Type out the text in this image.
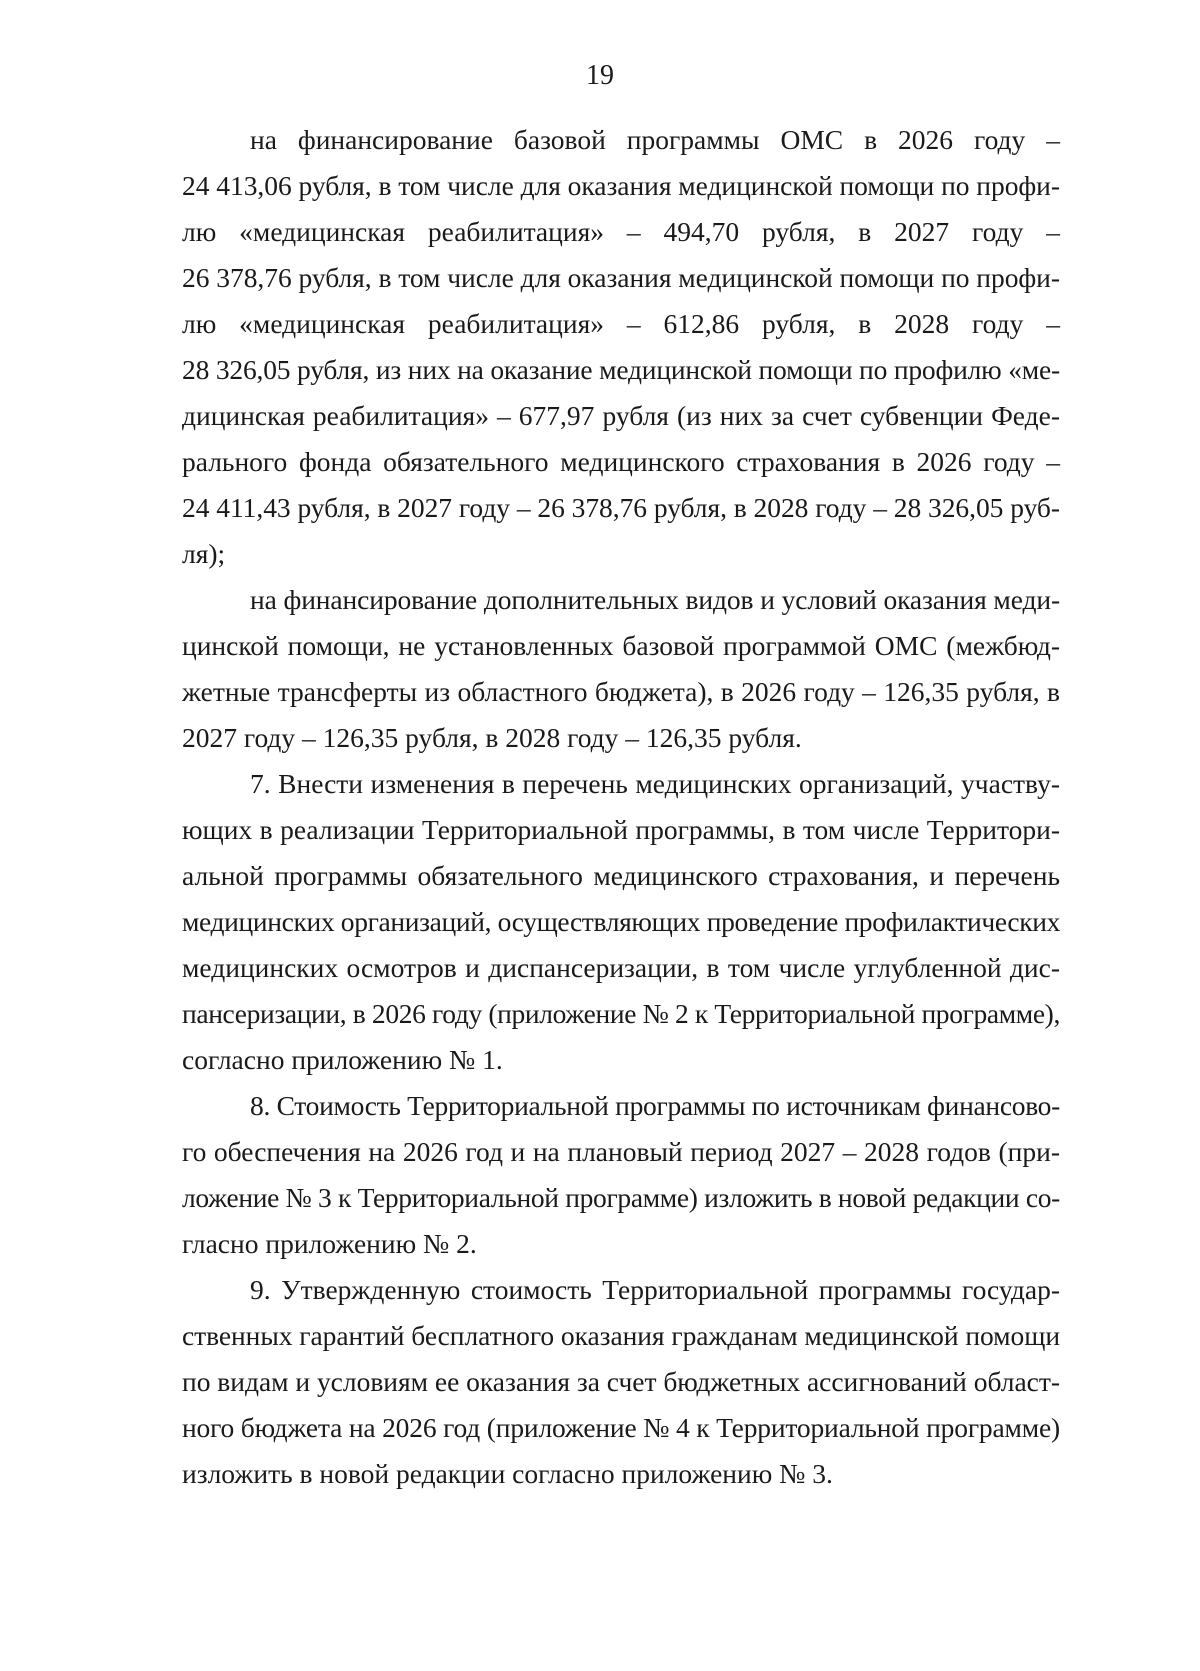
19
на финансирование базовой программы ОМС в 2026 году –
24 413,06 рубля, в том числе для оказания медицинской помощи по профи-
лю «медицинская реабилитация» – 494,70 рубля, в 2027 году –
26 378,76 рубля, в том числе для оказания медицинской помощи по профи-
лю «медицинская реабилитация» – 612,86 рубля, в 2028 году –
28 326,05 рубля, из них на оказание медицинской помощи по профилю «ме-
дицинская реабилитация» – 677,97 рубля (из них за счет субвенции Феде-
рального фонда обязательного медицинского страхования в 2026 году –
24 411,43 рубля, в 2027 году – 26 378,76 рубля, в 2028 году – 28 326,05 руб-
ля);
на финансирование дополнительных видов и условий оказания меди-
цинской помощи, не установленных базовой программой ОМС (межбюд-
жетные трансферты из областного бюджета), в 2026 году – 126,35 рубля, в
2027 году – 126,35 рубля, в 2028 году – 126,35 рубля.
7. Внести изменения в перечень медицинских организаций, участву-
ющих в реализации Территориальной программы, в том числе Территори-
альной программы обязательного медицинского страхования, и перечень
медицинских организаций, осуществляющих проведение профилактических
медицинских осмотров и диспансеризации, в том числе углубленной дис-
пансеризации, в 2026 году (приложение № 2 к Территориальной программе),
согласно приложению № 1.
8. Стоимость Территориальной программы по источникам финансово-
го обеспечения на 2026 год и на плановый период 2027 – 2028 годов (при-
ложение № 3 к Территориальной программе) изложить в новой редакции со-
гласно приложению № 2.
9. Утвержденную стоимость Территориальной программы государ-
ственных гарантий бесплатного оказания гражданам медицинской помощи
по видам и условиям ее оказания за счет бюджетных ассигнований област-
ного бюджета на 2026 год (приложение № 4 к Территориальной программе)
изложить в новой редакции согласно приложению № 3.
